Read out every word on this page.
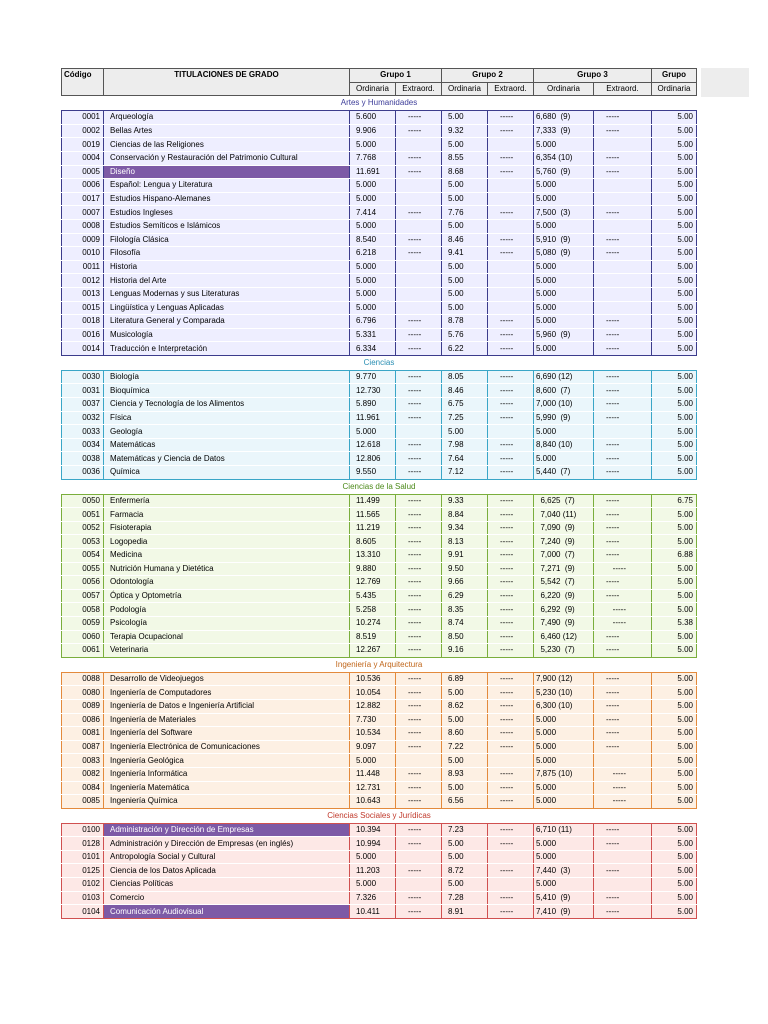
Código	TITULACIONES DE GRADO	Grupo 1		Grupo 2		Grupo 3		Grupo
		Ordinaria	Extraord.	Ordinaria	Extraord.	Ordinaria	Extraord.	Ordinaria
Artes y Humanidades								
0001	Arqueología	5.600	-----	5.00	-----	6,680  (9)	-----	5.00
0002	Bellas Artes	9.906	-----	9.32	-----	7,333  (9)	-----	5.00
0019	Ciencias de las Religiones	5.000		5.00		5.000		5.00
0004	Conservación y Restauración del Patrimonio Cultural	7.768	-----	8.55	-----	6,354 (10)	-----	5.00
0005	Diseño	11.691	-----	8.68	-----	5,760  (9)	-----	5.00
0006	Español: Lengua y Literatura	5.000		5.00		5.000		5.00
0017	Estudios Hispano-Alemanes	5.000		5.00		5.000		5.00
0007	Estudios Ingleses	7.414	-----	7.76	-----	7,500  (3)	-----	5.00
0008	Estudios Semíticos e Islámicos	5.000		5.00		5.000		5.00
0009	Filología Clásica	8.540	-----	8.46	-----	5,910  (9)	-----	5.00
0010	Filosofía	6.218	-----	9.41	-----	5,080  (9)	-----	5.00
0011	Historia	5.000		5.00		5.000		5.00
0012	Historia del Arte	5.000		5.00		5.000		5.00
0013	Lenguas Modernas y sus Literaturas	5.000		5.00		5.000		5.00
0015	Lingüística y Lenguas Aplicadas	5.000		5.00		5.000		5.00
0018	Literatura General y Comparada	6.796	-----	8.78	-----	5.000	-----	5.00
0016	Musicología	5.331	-----	5.76	-----	5,960  (9)	-----	5.00
0014	Traducción e Interpretación	6.334	-----	6.22	-----	5.000	-----	5.00
Ciencias								
0030	Biología	9.770	-----	8.05	-----	6,690 (12)	-----	5.00
0031	Bioquímica	12.730	-----	8.46	-----	8,600  (7)	-----	5.00
0037	Ciencia y Tecnología de los Alimentos	5.890	-----	6.75	-----	7,000 (10)	-----	5.00
0032	Física	11.961	-----	7.25	-----	5,990  (9)	-----	5.00
0033	Geología	5.000		5.00		5.000		5.00
0034	Matemáticas	12.618	-----	7.98	-----	8,840 (10)	-----	5.00
0038	Matemáticas y Ciencia de Datos	12.806	-----	7.64	-----	5.000	-----	5.00
0036	Química	9.550	-----	7.12	-----	5,440  (7)	-----	5.00
Ciencias de la Salud								
0050	Enfermería	11.499	-----	9.33	-----	6,625  (7)	-----	6.75
0051	Farmacia	11.565	-----	8.84	-----	7,040 (11)	-----	5.00
0052	Fisioterapia	11.219	-----	9.34	-----	7,090  (9)	-----	5.00
0053	Logopedia	8.605	-----	8.13	-----	7,240  (9)	-----	5.00
0054	Medicina	13.310	-----	9.91	-----	7,000  (7)	-----	6.88
0055	Nutrición Humana y Dietética	9.880	-----	9.50	-----	7,271  (9)	-----	5.00
0056	Odontología	12.769	-----	9.66	-----	5,542  (7)	-----	5.00
0057	Óptica y Optometría	5.435	-----	6.29	-----	6,220  (9)	-----	5.00
0058	Podología	5.258	-----	8.35	-----	6,292  (9)	-----	5.00
0059	Psicología	10.274	-----	8.74	-----	7,490  (9)	-----	5.38
0060	Terapia Ocupacional	8.519	-----	8.50	-----	6,460 (12)	-----	5.00
0061	Veterinaria	12.267	-----	9.16	-----	5,230  (7)	-----	5.00
Ingeniería y Arquitectura								
0088	Desarrollo de Videojuegos	10.536	-----	6.89	-----	7,900 (12)	-----	5.00
0080	Ingeniería de Computadores	10.054	-----	5.00	-----	5,230 (10)	-----	5.00
0089	Ingeniería de Datos e Ingeniería Artificial	12.882	-----	8.62	-----	6,300 (10)	-----	5.00
0086	Ingeniería de Materiales	7.730	-----	5.00	-----	5.000	-----	5.00
0081	Ingeniería del Software	10.534	-----	8.60	-----	5.000	-----	5.00
0087	Ingeniería Electrónica de Comunicaciones	9.097	-----	7.22	-----	5.000	-----	5.00
0083	Ingeniería Geológica	5.000		5.00		5.000		5.00
0082	Ingeniería Informática	11.448	-----	8.93	-----	7,875 (10)	-----	5.00
0084	Ingeniería Matemática	12.731	-----	5.00	-----	5.000	-----	5.00
0085	Ingeniería Química	10.643	-----	6.56	-----	5.000	-----	5.00
Ciencias Sociales y Jurídicas								
0100	Administración y Dirección de Empresas	10.394	-----	7.23	-----	6,710 (11)	-----	5.00
0128	Administración y Dirección de Empresas (en inglés)	10.994	-----	5.00	-----	5.000	-----	5.00
0101	Antropología Social y Cultural	5.000		5.00		5.000		5.00
0125	Ciencia de los Datos Aplicada	11.203	-----	8.72	-----	7,440  (3)	-----	5.00
0102	Ciencias Políticas	5.000		5.00		5.000		5.00
0103	Comercio	7.326	-----	7.28	-----	5,410  (9)	-----	5.00
0104	Comunicación Audiovisual	10.411	-----	8.91	-----	7,410  (9)	-----	5.00
